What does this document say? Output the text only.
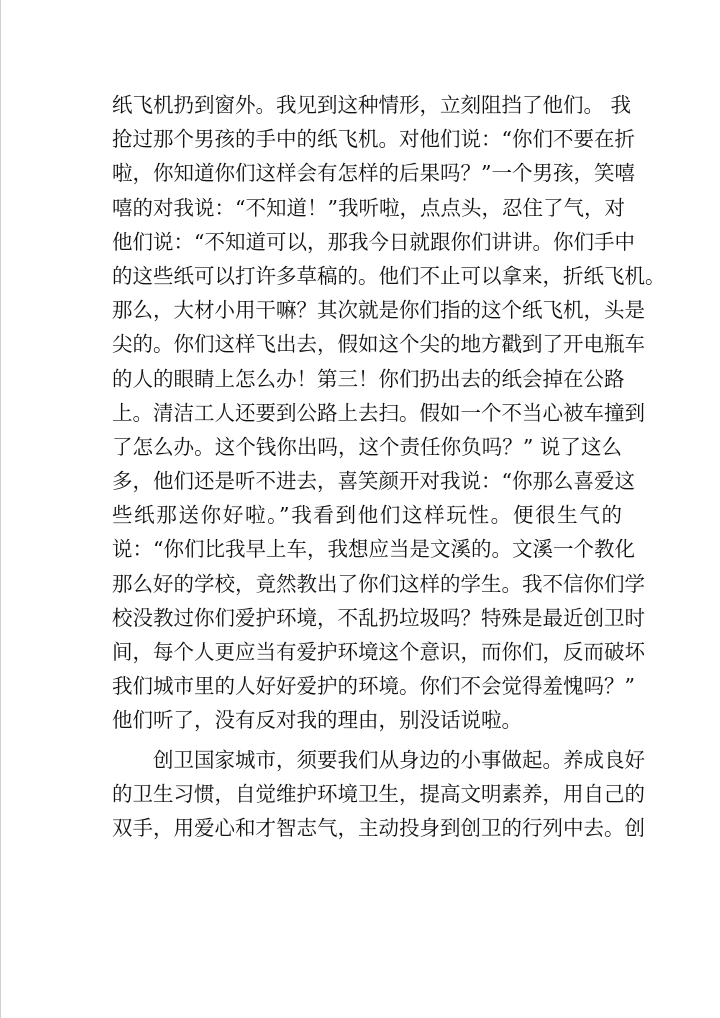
纸飞机扔到窗外。我见到这种情形，立刻阻挡了他们。 我
抢过那个男孩的手中的纸飞机。对他们说：“你们不要在折
啦，你知道你们这样会有怎样的后果吗？”一个男孩，笑嘻
嘻的对我说：“不知道！”我听啦，点点头，忍住了气，对
他们说：“不知道可以，那我今日就跟你们讲讲。你们手中
的这些纸可以打许多草稿的。他们不止可以拿来，折纸飞机。
那么，大材小用干嘛？其次就是你们指的这个纸飞机，头是
尖的。你们这样飞出去，假如这个尖的地方戳到了开电瓶车
的人的眼睛上怎么办！第三！你们扔出去的纸会掉在公路
上。清洁工人还要到公路上去扫。假如一个不当心被车撞到
了怎么办。这个钱你出吗，这个责任你负吗？” 说了这么
多，他们还是听不进去，喜笑颜开对我说：“你那么喜爱这
些纸那送你好啦。”我看到他们这样玩性。便很生气的
说：“你们比我早上车，我想应当是文溪的。文溪一个教化
那么好的学校，竟然教出了你们这样的学生。我不信你们学
校没教过你们爱护环境，不乱扔垃圾吗？特殊是最近创卫时
间，每个人更应当有爱护环境这个意识，而你们，反而破坏
我们城市里的人好好爱护的环境。你们不会觉得羞愧吗？”
他们听了，没有反对我的理由，别没话说啦。
　　创卫国家城市，须要我们从身边的小事做起。养成良好
的卫生习惯，自觉维护环境卫生，提高文明素养，用自己的
双手，用爱心和才智志气，主动投身到创卫的行列中去。创
